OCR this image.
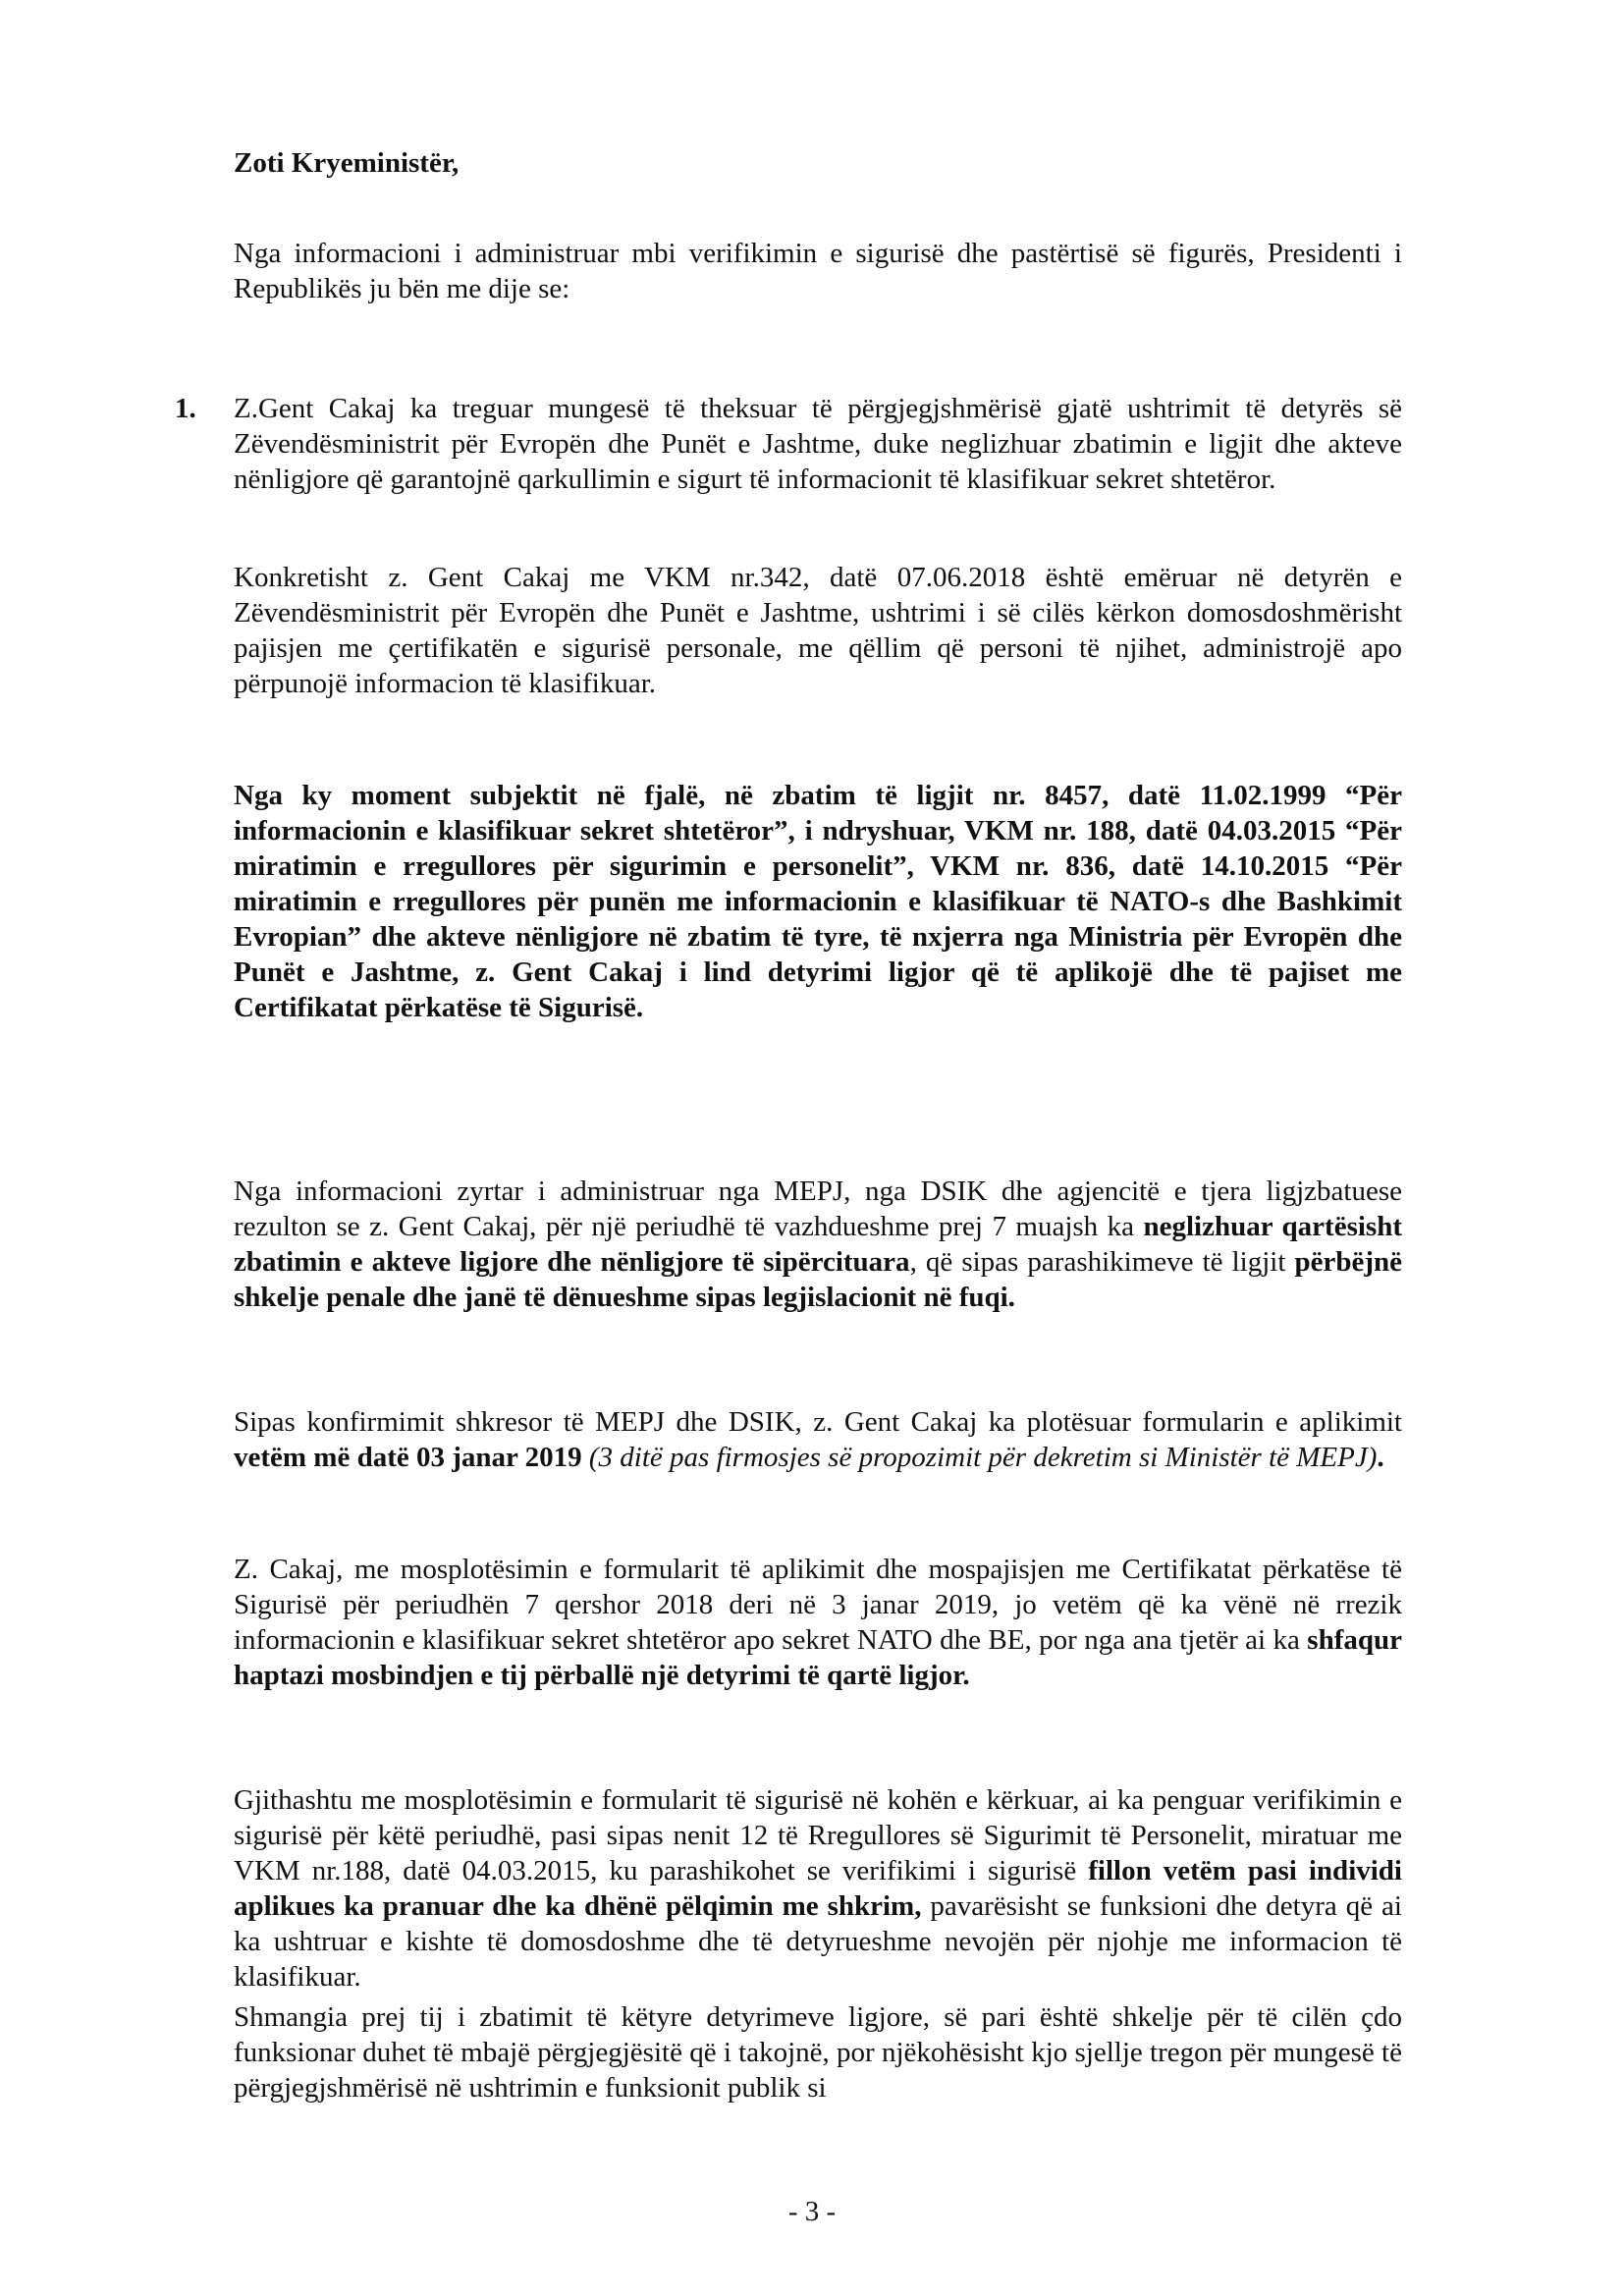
Zoti Kryeministër,

Nga informacioni i administruar mbi verifikimin e sigurisë dhe pastërtisë së figurës, Presidenti i Republikës ju bën me dije se:

1. Z.Gent Cakaj ka treguar mungesë të theksuar të përgjegjshmërisë gjatë ushtrimit të detyrës së Zëvendësministrit për Evropën dhe Punët e Jashtme, duke neglizhuar zbatimin e ligjit dhe akteve nënligjore që garantojnë qarkullimin e sigurt të informacionit të klasifikuar sekret shtetëror.

Konkretisht z. Gent Cakaj me VKM nr.342, datë 07.06.2018 është emëruar në detyrën e Zëvendësministrit për Evropën dhe Punët e Jashtme, ushtrimi i së cilës kërkon domosdoshmërisht pajisjen me çertifikatën e sigurisë personale, me qëllim që personi të njihet, administrojë apo përpunojë informacion të klasifikuar.

Nga ky moment subjektit në fjalë, në zbatim të ligjit nr. 8457, datë 11.02.1999 “Për informacionin e klasifikuar sekret shtetëror”, i ndryshuar, VKM nr. 188, datë 04.03.2015 “Për miratimin e rregullores për sigurimin e personelit”, VKM nr. 836, datë 14.10.2015 “Për miratimin e rregullores për punën me informacionin e klasifikuar të NATO-s dhe Bashkimit Evropian” dhe akteve nënligjore në zbatim të tyre, të nxjerra nga Ministria për Evropën dhe Punët e Jashtme, z. Gent Cakaj i lind detyrimi ligjor që të aplikojë dhe të pajiset me Certifikatat përkatëse të Sigurisë.

Nga informacioni zyrtar i administruar nga MEPJ, nga DSIK dhe agjencitë e tjera ligjzbatuese rezulton se z. Gent Cakaj, për një periudhë të vazhdueshme prej 7 muajsh ka neglizhuar qartësisht zbatimin e akteve ligjore dhe nënligjore të sipërcituara, që sipas parashikimeve të ligjit përbëjnë shkelje penale dhe janë të dënueshme sipas legjislacionit në fuqi.

Sipas konfirmimit shkresor të MEPJ dhe DSIK, z. Gent Cakaj ka plotësuar formularin e aplikimit vetëm më datë 03 janar 2019 (3 ditë pas firmosjes së propozimit për dekretim si Ministër të MEPJ).

Z. Cakaj, me mosplotësimin e formularit të aplikimit dhe mospajisjen me Certifikatat përkatëse të Sigurisë për periudhën 7 qershor 2018 deri në 3 janar 2019, jo vetëm që ka vënë në rrezik informacionin e klasifikuar sekret shtetëror apo sekret NATO dhe BE, por nga ana tjetër ai ka shfaqur haptazi mosbindjen e tij përballë një detyrimi të qartë ligjor.

Gjithashtu me mosplotësimin e formularit të sigurisë në kohën e kërkuar, ai ka penguar verifikimin e sigurisë për këtë periudhë, pasi sipas nenit 12 të Rregullores së Sigurimit të Personelit, miratuar me VKM nr.188, datë 04.03.2015, ku parashikohet se verifikimi i sigurisë fillon vetëm pasi individi aplikues ka pranuar dhe ka dhënë pëlqimin me shkrim, pavarësisht se funksioni dhe detyra që ai ka ushtruar e kishte të domosdoshme dhe të detyrueshme nevojën për njohje me informacion të klasifikuar.

Shmangia prej tij i zbatimit të këtyre detyrimeve ligjore, së pari është shkelje për të cilën çdo funksionar duhet të mbajë përgjegjësitë që i takojnë, por njëkohësisht kjo sjellje tregon për mungesë të përgjegjshmërisë në ushtrimin e funksionit publik si

- 3 -
